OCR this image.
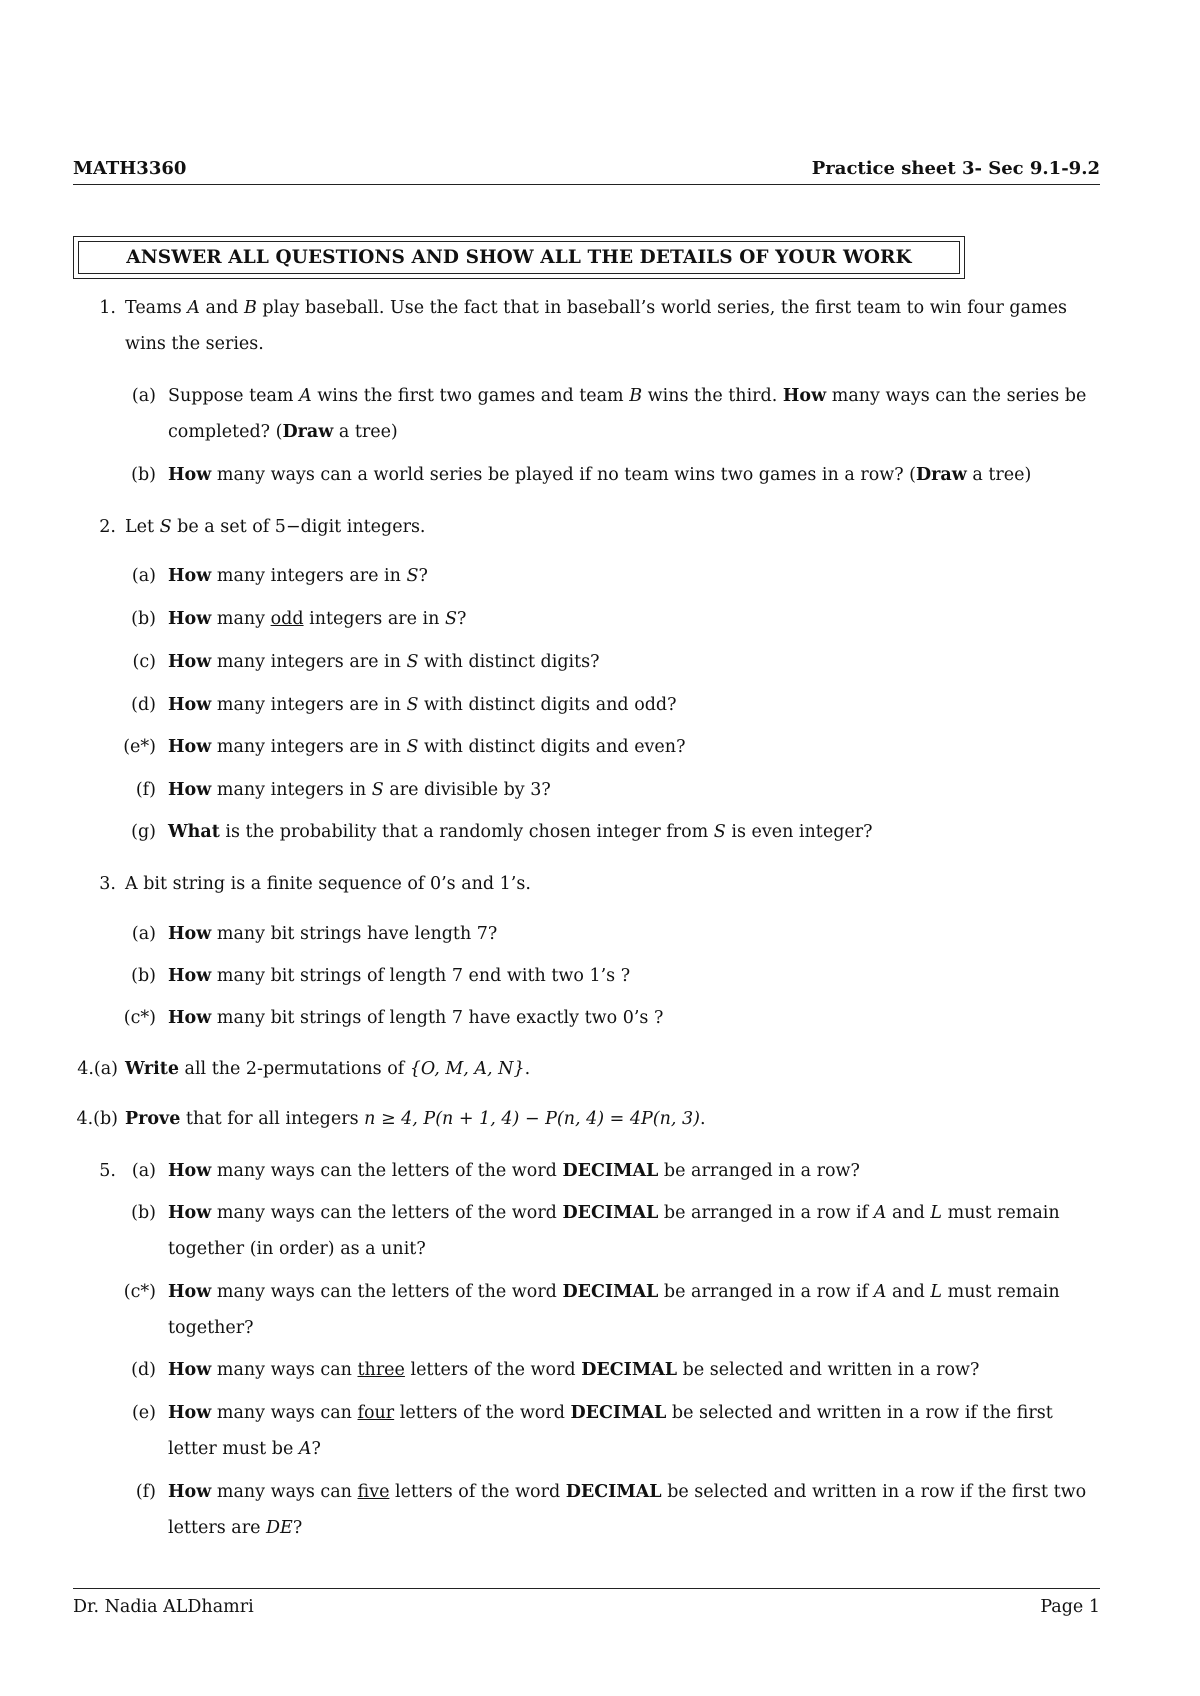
MATH3360	Practice sheet 3- Sec 9.1-9.2
ANSWER ALL QUESTIONS AND SHOW ALL THE DETAILS OF YOUR WORK
1. Teams A and B play baseball. Use the fact that in baseball’s world series, the first team to win four games
wins the series.
(a) Suppose team A wins the first two games and team B wins the third. How many ways can the series be
completed? (Draw a tree)
(b) How many ways can a world series be played if no team wins two games in a row? (Draw a tree)
2. Let S be a set of 5−digit integers.
(a) How many integers are in S?
(b) How many odd integers are in S?
(c) How many integers are in S with distinct digits?
(d) How many integers are in S with distinct digits and odd?
(e*) How many integers are in S with distinct digits and even?
(f) How many integers in S are divisible by 3?
(g) What is the probability that a randomly chosen integer from S is even integer?
3. A bit string is a finite sequence of 0’s and 1’s.
(a) How many bit strings have length 7?
(b) How many bit strings of length 7 end with two 1’s ?
(c*) How many bit strings of length 7 have exactly two 0’s ?
4.(a) Write all the 2-permutations of {O, M, A, N}.
4.(b) Prove that for all integers n ≥ 4, P(n + 1, 4) − P(n, 4) = 4P(n, 3).
5. (a) How many ways can the letters of the word DECIMAL be arranged in a row?
(b) How many ways can the letters of the word DECIMAL be arranged in a row if A and L must remain
together (in order) as a unit?
(c*) How many ways can the letters of the word DECIMAL be arranged in a row if A and L must remain
together?
(d) How many ways can three letters of the word DECIMAL be selected and written in a row?
(e) How many ways can four letters of the word DECIMAL be selected and written in a row if the first
letter must be A?
(f) How many ways can five letters of the word DECIMAL be selected and written in a row if the first two
letters are DE?
Dr. Nadia ALDhamri	Page 1
